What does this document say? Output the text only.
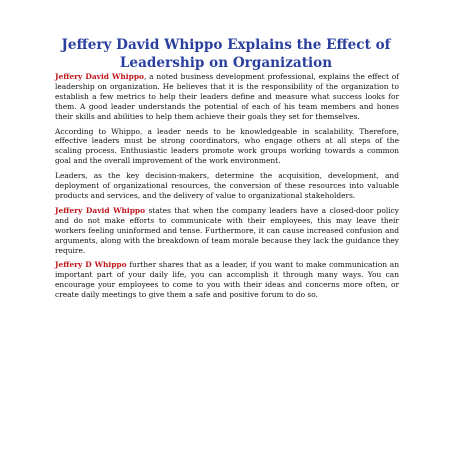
Jeffery David Whippo Explains the Effect of Leadership on Organization

Jeffery David Whippo, a noted business development professional, explains the effect of leadership on organization. He believes that it is the responsibility of the organization to establish a few metrics to help their leaders define and measure what success looks for them. A good leader understands the potential of each of his team members and hones their skills and abilities to help them achieve their goals they set for themselves.

According to Whippo, a leader needs to be knowledgeable in scalability. Therefore, effective leaders must be strong coordinators, who engage others at all steps of the scaling process. Enthusiastic leaders promote work groups working towards a common goal and the overall improvement of the work environment.

Leaders, as the key decision-makers, determine the acquisition, development, and deployment of organizational resources, the conversion of these resources into valuable products and services, and the delivery of value to organizational stakeholders.

Jeffery David Whippo states that when the company leaders have a closed-door policy and do not make efforts to communicate with their employees, this may leave their workers feeling uninformed and tense. Furthermore, it can cause increased confusion and arguments, along with the breakdown of team morale because they lack the guidance they require.

Jeffery D Whippo further shares that as a leader, if you want to make communication an important part of your daily life, you can accomplish it through many ways. You can encourage your employees to come to you with their ideas and concerns more often, or create daily meetings to give them a safe and positive forum to do so.
